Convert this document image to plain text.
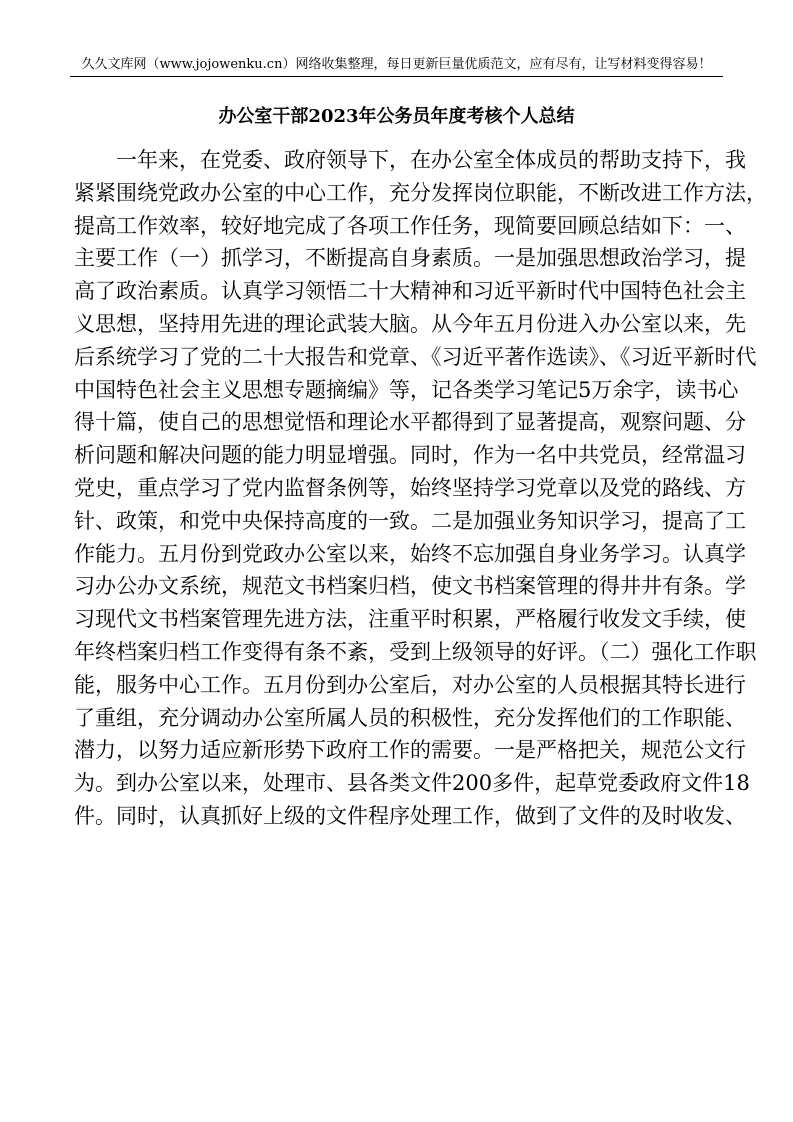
久久文库网（www.jojowenku.cn）网络收集整理，每日更新巨量优质范文，应有尽有，让写材料变得容易！
办公室干部2023年公务员年度考核个人总结
一年来，在党委、政府领导下，在办公室全体成员的帮助支持下，我
紧紧围绕党政办公室的中心工作，充分发挥岗位职能，不断改进工作方法，
提高工作效率，较好地完成了各项工作任务，现简要回顾总结如下：一、
主要工作（一）抓学习，不断提高自身素质。一是加强思想政治学习，提
高了政治素质。认真学习领悟二十大精神和习近平新时代中国特色社会主
义思想，坚持用先进的理论武装大脑。从今年五月份进入办公室以来，先
后系统学习了党的二十大报告和党章、《习近平著作选读》、《习近平新时代
中国特色社会主义思想专题摘编》等，记各类学习笔记5万余字，读书心
得十篇，使自己的思想觉悟和理论水平都得到了显著提高，观察问题、分
析问题和解决问题的能力明显增强。同时，作为一名中共党员，经常温习
党史，重点学习了党内监督条例等，始终坚持学习党章以及党的路线、方
针、政策，和党中央保持高度的一致。二是加强业务知识学习，提高了工
作能力。五月份到党政办公室以来，始终不忘加强自身业务学习。认真学
习办公办文系统，规范文书档案归档，使文书档案管理的得井井有条。学
习现代文书档案管理先进方法，注重平时积累，严格履行收发文手续，使
年终档案归档工作变得有条不紊，受到上级领导的好评。（二）强化工作职
能，服务中心工作。五月份到办公室后，对办公室的人员根据其特长进行
了重组，充分调动办公室所属人员的积极性，充分发挥他们的工作职能、
潜力，以努力适应新形势下政府工作的需要。一是严格把关，规范公文行
为。到办公室以来，处理市、县各类文件200多件，起草党委政府文件18
件。同时，认真抓好上级的文件程序处理工作，做到了文件的及时收发、
